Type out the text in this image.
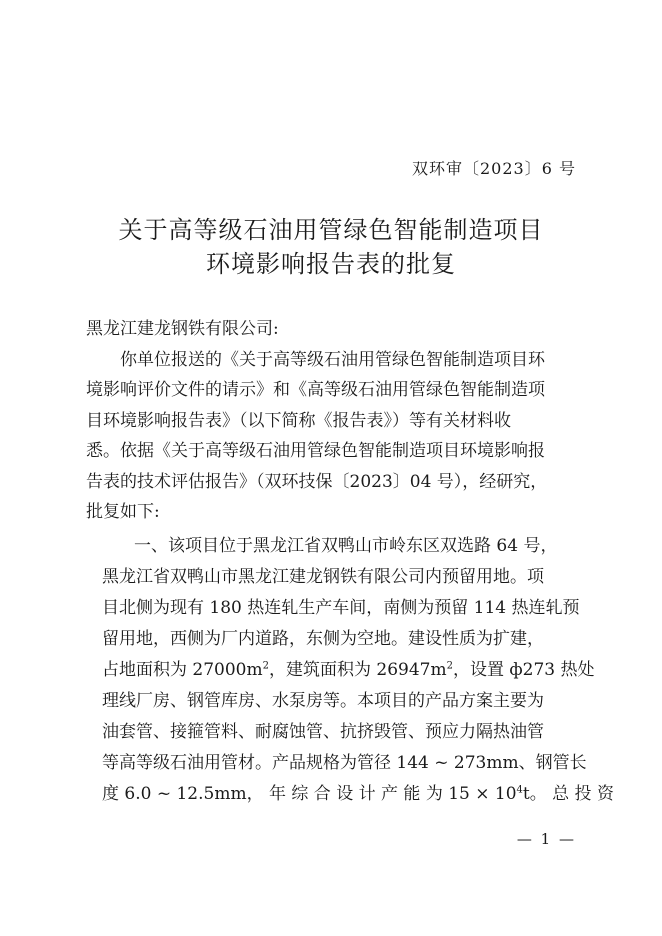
双环审〔2023〕6 号
关于高等级石油用管绿色智能制造项目
环境影响报告表的批复
黑龙江建龙钢铁有限公司:
你单位报送的《关于高等级石油用管绿色智能制造项目环
境影响评价文件的请示》和《高等级石油用管绿色智能制造项
目环境影响报告表》（以下简称《报告表》）等有关材料收
悉。依据《关于高等级石油用管绿色智能制造项目环境影响报
告表的技术评估报告》（双环技保〔2023〕04 号），经研究，
批复如下:
一、该项目位于黑龙江省双鸭山市岭东区双选路 64 号，
黑龙江省双鸭山市黑龙江建龙钢铁有限公司内预留用地。项
目北侧为现有 180 热连轧生产车间，南侧为预留 114 热连轧预
留用地，西侧为厂内道路，东侧为空地。建设性质为扩建，
占地面积为 $27000m^2$，建筑面积为 $26947m^2$，设置 ф273 热处
理线厂房、钢管库房、水泵房等。本项目的产品方案主要为
油套管、接箍管料、耐腐蚀管、抗挤毁管、预应力隔热油管
等高等级石油用管材。产品规格为管径 144 ~ 273mm、钢管长
度 6.0 ~ 12.5mm， 年 综 合 设 计 产 能 为 $15 \times 10^4t$。 总 投 资
— 1 —
